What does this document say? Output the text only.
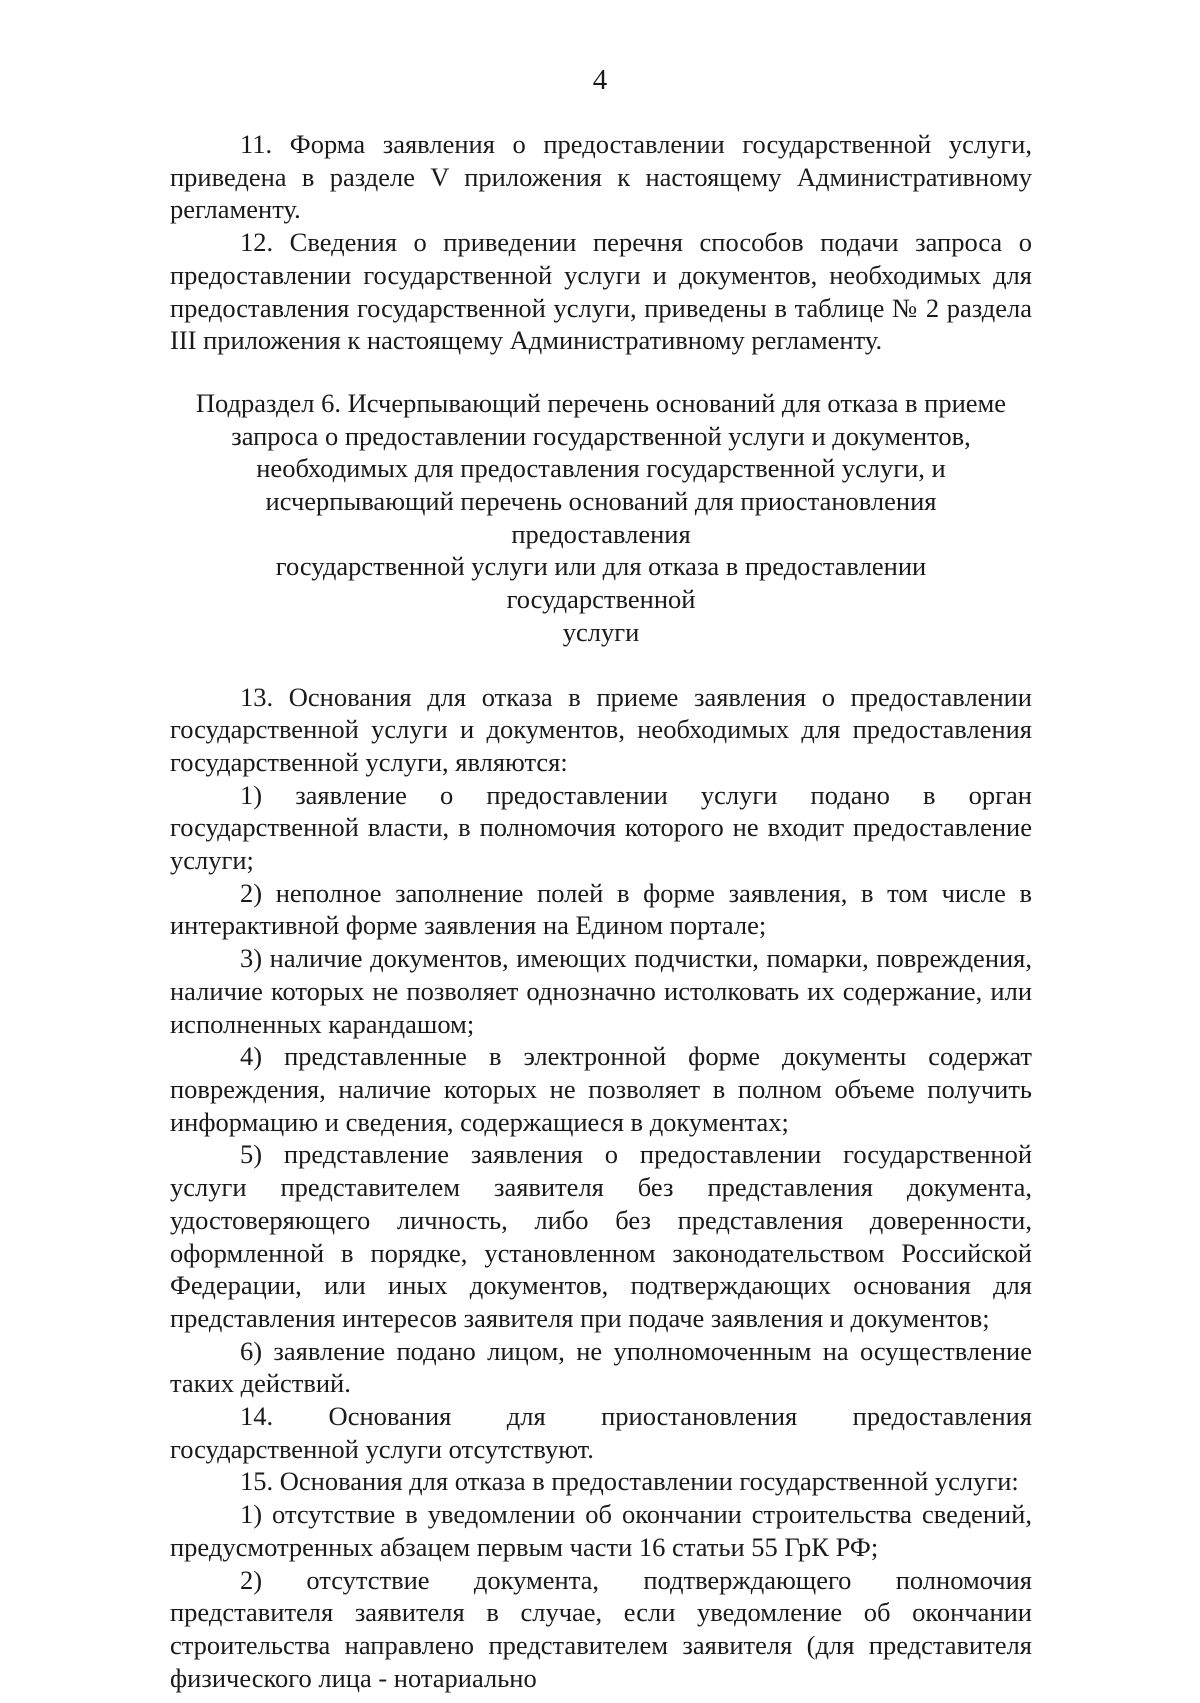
4

11. Форма заявления о предоставлении государственной услуги, приведена в разделе V приложения к настоящему Административному регламенту.

12. Сведения о приведении перечня способов подачи запроса о предоставлении государственной услуги и документов, необходимых для предоставления государственной услуги, приведены в таблице № 2 раздела III приложения к настоящему Административному регламенту.

Подраздел 6. Исчерпывающий перечень оснований для отказа в приеме
запроса о предоставлении государственной услуги и документов,
необходимых для предоставления государственной услуги, и
исчерпывающий перечень оснований для приостановления предоставления
государственной услуги или для отказа в предоставлении государственной
услуги

13. Основания для отказа в приеме заявления о предоставлении государственной услуги и документов, необходимых для предоставления государственной услуги, являются:

1) заявление о предоставлении услуги подано в орган государственной власти, в полномочия которого не входит предоставление услуги;

2) неполное заполнение полей в форме заявления, в том числе в интерактивной форме заявления на Едином портале;

3) наличие документов, имеющих подчистки, помарки, повреждения, наличие которых не позволяет однозначно истолковать их содержание, или исполненных карандашом;

4) представленные в электронной форме документы содержат повреждения, наличие которых не позволяет в полном объеме получить информацию и сведения, содержащиеся в документах;

5) представление заявления о предоставлении государственной услуги представителем заявителя без представления документа, удостоверяющего личность, либо без представления доверенности, оформленной в порядке, установленном законодательством Российской Федерации, или иных документов, подтверждающих основания для представления интересов заявителя при подаче заявления и документов;

6) заявление подано лицом, не уполномоченным на осуществление таких действий.

14. Основания для приостановления предоставления государственной услуги отсутствуют.

15. Основания для отказа в предоставлении государственной услуги:

1) отсутствие в уведомлении об окончании строительства сведений, предусмотренных абзацем первым части 16 статьи 55 ГрК РФ;

2) отсутствие документа, подтверждающего полномочия представителя заявителя в случае, если уведомление об окончании строительства направлено представителем заявителя (для представителя физического лица - нотариально
